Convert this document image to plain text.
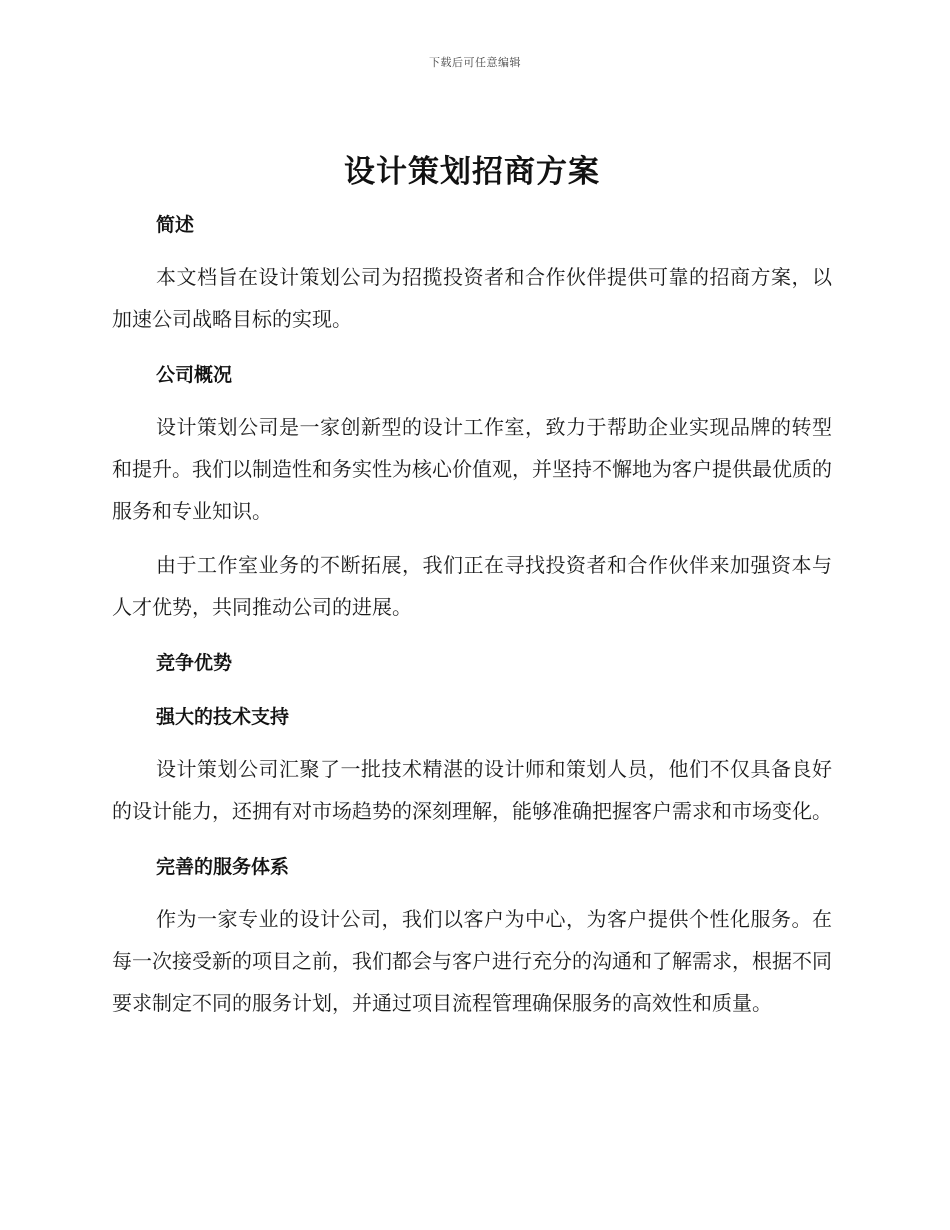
下载后可任意编辑
设计策划招商方案
简述

本文档旨在设计策划公司为招揽投资者和合作伙伴提供可靠的招商方案，以加速公司战略目标的实现。

公司概况

设计策划公司是一家创新型的设计工作室，致力于帮助企业实现品牌的转型和提升。我们以制造性和务实性为核心价值观，并坚持不懈地为客户提供最优质的服务和专业知识。

由于工作室业务的不断拓展，我们正在寻找投资者和合作伙伴来加强资本与人才优势，共同推动公司的进展。

竞争优势
强大的技术支持

设计策划公司汇聚了一批技术精湛的设计师和策划人员，他们不仅具备良好的设计能力，还拥有对市场趋势的深刻理解，能够准确把握客户需求和市场变化。

完善的服务体系

作为一家专业的设计公司，我们以客户为中心，为客户提供个性化服务。在每一次接受新的项目之前，我们都会与客户进行充分的沟通和了解需求，根据不同要求制定不同的服务计划，并通过项目流程管理确保服务的高效性和质量。
